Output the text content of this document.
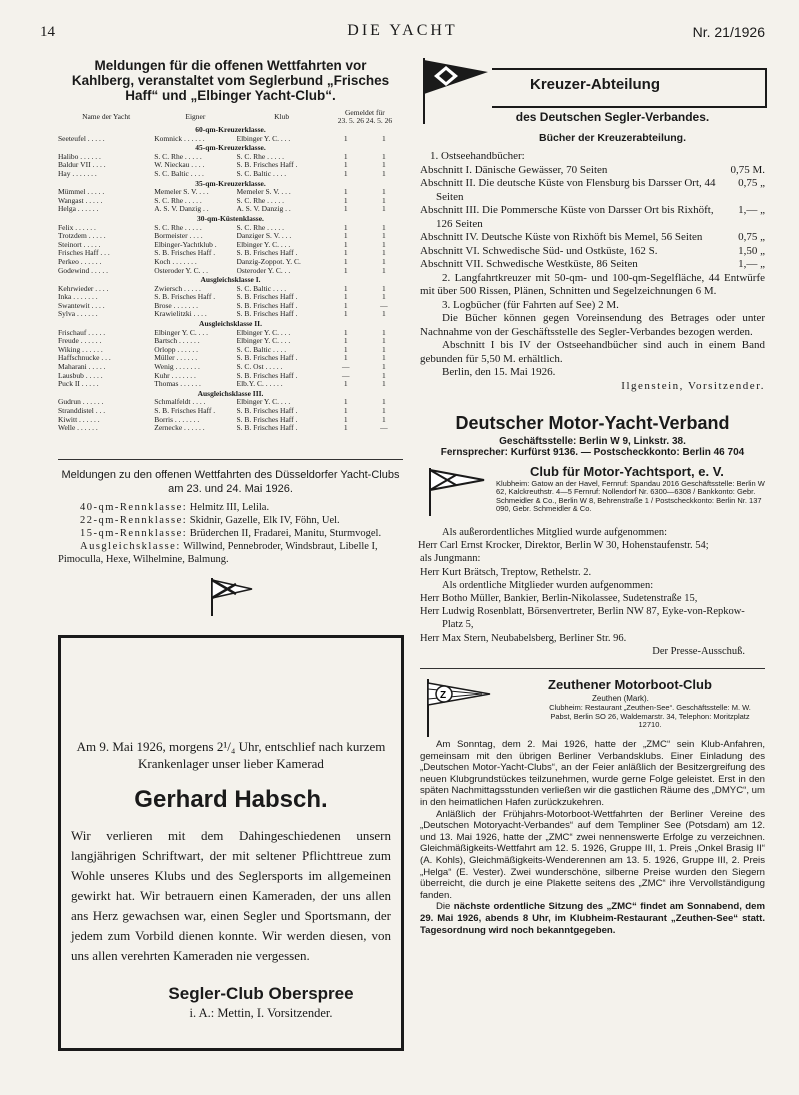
14	DIE YACHT	Nr. 21/1926
Meldungen für die offenen Wettfahrten vor Kahlberg, veranstaltet vom Seglerbund „Frisches Haff“ und „Elbinger Yacht-Club“.
Name der Yacht	Eigner	Klub	Gemeldet für
23. 5. 26 24. 5. 26	
60-qm-Kreuzerklasse.				
Seeteufel . . . . .	Komnick . . . . . .	Elbinger Y. C. . . .	1	1
45-qm-Kreuzerklasse.				
Halibo . . . . . .	S. C. Rhe . . . . .	S. C. Rhe . . . . .	1	1
Baldur VII . . . .	W. Nieckau . . . .	S. B. Frisches Haff .	1	1
Hay . . . . . . .	S. C. Baltic . . . .	S. C. Baltic . . . .	1	1
35-qm-Kreuzerklasse.				
Mümmel . . . . .	Memeler S. V. . . .	Memeler S. V. . . .	1	1
Wangast . . . . .	S. C. Rhe . . . . .	S. C. Rhe . . . . .	1	1
Helga . . . . . .	A. S. V. Danzig . .	A. S. V. Danzig . .	1	1
30-qm-Küstenklasse.				
Felix . . . . . .	S. C. Rhe . . . . .	S. C. Rhe . . . . .	1	1
Trotzdem . . . . .	Bormeister . . . .	Danziger S. V. . . .	1	1
Steinort . . . . .	Elbinger-Yachtklub .	Elbinger Y. C. . . .	1	1
Frisches Haff . . .	S. B. Frisches Haff .	S. B. Frisches Haff .	1	1
Perkeo . . . . . .	Koch . . . . . . .	Danzig-Zoppot. Y. C.	1	1
Godewind . . . . .	Osteroder Y. C. . .	Osteroder Y. C. . .	1	1
Ausgleichsklasse I.				
Kehrwieder . . . .	Zwiersch . . . . .	S. C. Baltic . . . .	1	1
Inka . . . . . . .	S. B. Frisches Haff .	S. B. Frisches Haff .	1	1
Swantewit . . . .	Brose . . . . . . .	S. B. Frisches Haff .	1	—
Sylva . . . . . .	Krawielitzki . . . .	S. B. Frisches Haff .	1	1
Ausgleichsklasse II.				
Frischauf . . . . .	Elbinger Y. C. . . .	Elbinger Y. C. . . .	1	1
Freude . . . . . .	Bartsch . . . . . .	Elbinger Y. C. . . .	1	1
Wiking . . . . . .	Orlopp . . . . . .	S. C. Baltic . . . .	1	1
Haffschnucke . . .	Müller . . . . . .	S. B. Frisches Haff .	1	1
Maharani . . . . .	Wenig . . . . . . .	S. C. Ost . . . . .	—	1
Lausbub . . . . .	Kuhr . . . . . . .	S. B. Frisches Haff .	—	1
Puck II . . . . .	Thomas . . . . . .	Elb.Y. C. . . . . .	1	1
Ausgleichsklasse III.				
Gudrun . . . . . .	Schmalfeldt . . . .	Elbinger Y. C. . . .	1	1
Stranddistel . . .	S. B. Frisches Haff .	S. B. Frisches Haff .	1	1
Kiwitt . . . . . .	Borris . . . . . . .	S. B. Frisches Haff .	1	1
Welle . . . . . .	Zernecke . . . . . .	S. B. Frisches Haff .	1	—
Meldungen zu den offenen Wettfahrten des Düsseldorfer Yacht-Clubs am 23. und 24. Mai 1926.

40-qm-Rennklasse: Helmitz III, Lelila.

22-qm-Rennklasse: Skidnir, Gazelle, Elk IV, Föhn, Uel.

15-qm-Rennklasse: Brüderchen II, Fradarei, Manitu, Sturmvogel.

Ausgleichsklasse: Willwind, Pennebroder, Windsbraut, Libelle I, Pimoculla, Hexe, Wilhelmine, Balmung.

Am 9. Mai 1926, morgens 2¹/₄ Uhr, entschlief nach kurzem Krankenlager unser lieber Kamerad

Gerhard Habsch.

Wir verlieren mit dem Dahingeschiedenen unsern langjährigen Schriftwart, der mit seltener Pflichttreue zum Wohle unseres Klubs und des Seglersports im allgemeinen gewirkt hat. Wir betrauern einen Kameraden, der uns allen ans Herz gewachsen war, einen Segler und Sportsmann, der jedem zum Vorbild dienen konnte. Wir werden diesen, von uns allen verehrten Kameraden nie vergessen.

Segler-Club Oberspree
i. A.: Mettin, I. Vorsitzender.
Kreuzer-Abteilung
des Deutschen Segler-Verbandes.
Bücher der Kreuzerabteilung.
1. Ostseehandbücher:
Abschnitt I. Dänische Gewässer, 70 Seiten	0,75 M.
Abschnitt II. Die deutsche Küste von Flensburg bis Darsser Ort, 44 Seiten
0,75 „
Abschnitt III. Die Pommersche Küste von Darsser Ort bis Rixhöft, 126 Seiten
1,— „
Abschnitt IV. Deutsche Küste von Rixhöft bis Memel, 56 Seiten	0,75 „
Abschnitt VI. Schwedische Süd- und Ostküste, 162 S.	1,50 „
Abschnitt VII. Schwedische Westküste, 86 Seiten	1,— „

2. Langfahrtkreuzer mit 50-qm- und 100-qm-Segelfläche, 44 Entwürfe mit über 500 Rissen, Plänen, Schnitten und Segelzeichnungen 6 M.

3. Logbücher (für Fahrten auf See) 2 M.

Die Bücher können gegen Voreinsendung des Betrages oder unter Nachnahme von der Geschäftsstelle des Segler-Verbandes bezogen werden.

Abschnitt I bis IV der Ostseehandbücher sind auch in einem Band gebunden für 5,50 M. erhältlich.

Berlin, den 15. Mai 1926.

Ilgenstein, Vorsitzender.

Deutscher Motor-Yacht-Verband
Geschäftsstelle: Berlin W 9, Linkstr. 38.
Fernsprecher: Kurfürst 9136. — Postscheckkonto: Berlin 46 704
Club für Motor-Yachtsport, e. V.
Klubheim: Gatow an der Havel, Fernruf: Spandau 2016 Geschäftsstelle: Berlin W 62, Kalckreuthstr. 4—5 Fernruf: Nollendorf Nr. 6300—6308 / Bankkonto: Gebr. Schmeidler & Co., Berlin W 8, Behrenstraße 1 / Postscheckkonto: Berlin Nr. 137 090, Gebr. Schmeidler & Co.

Als außerordentliches Mitglied wurde aufgenommen:

Herr Carl Ernst Krocker, Direktor, Berlin W 30, Hohenstaufenstr. 54;

als Jungmann:

Herr Kurt Brätsch, Treptow, Rethelstr. 2.

Als ordentliche Mitglieder wurden aufgenommen:

Herr Botho Müller, Bankier, Berlin-Nikolassee, Sudetenstraße 15,

Herr Ludwig Rosenblatt, Börsenvertreter, Berlin NW 87, Eyke-von-Repkow-Platz 5,

Herr Max Stern, Neubabelsberg, Berliner Str. 96.

Der Presse-Ausschuß.

Z
Zeuthener Motorboot-Club
Zeuthen (Mark).
Clubheim: Restaurant „Zeuthen-See“. Geschäftsstelle: M. W. Pabst, Berlin SO 26, Waldemarstr. 34, Telephon: Moritzplatz 12710.

Am Sonntag, dem 2. Mai 1926, hatte der „ZMC“ sein Klub-Anfahren, gemeinsam mit den übrigen Berliner Verbandsklubs. Einer Einladung des „Deutschen Motor-Yacht-Clubs“, an der Feier anläßlich der Besitzergreifung des neuen Klubgrundstückes teilzunehmen, wurde gerne Folge geleistet. Erst in den späten Nachmittagsstunden verließen wir die gastlichen Räume des „DMYC“, um in den heimatlichen Hafen zurückzukehren.

Anläßlich der Frühjahrs-Motorboot-Wettfahrten der Berliner Vereine des „Deutschen Motoryacht-Verbandes“ auf dem Templiner See (Potsdam) am 12. und 13. Mai 1926, hatte der „ZMC“ zwei nennenswerte Erfolge zu verzeichnen. Gleichmäßigkeits-Wettfahrt am 12. 5. 1926, Gruppe III, 1. Preis „Onkel Brasig II“ (A. Kohls), Gleichmäßigkeits-Wenderennen am 13. 5. 1926, Gruppe III, 2. Preis „Helga“ (E. Vester). Zwei wunderschöne, silberne Preise wurden den Siegern überreicht, die durch je eine Plakette seitens des „ZMC“ ihre Vervollständigung fanden.

Die nächste ordentliche Sitzung des „ZMC“ findet am Sonnabend, dem 29. Mai 1926, abends 8 Uhr, im Klubheim-Restaurant „Zeuthen-See“ statt. Tagesordnung wird noch bekanntgegeben.
